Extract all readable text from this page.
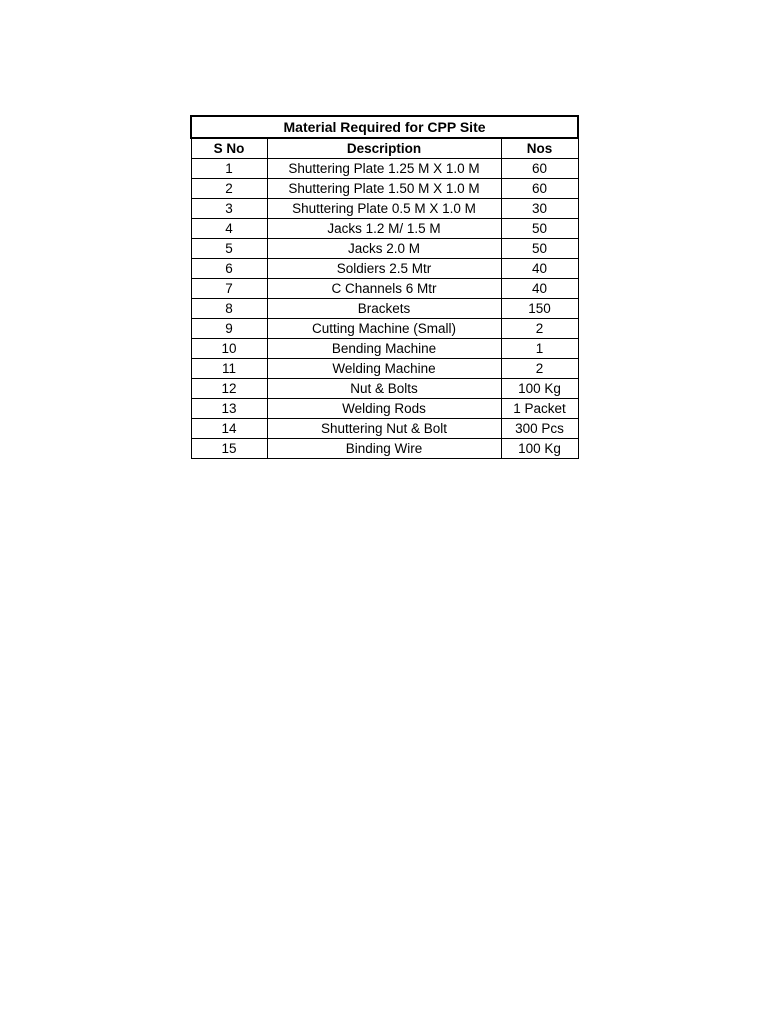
Material Required for CPP Site		
S No	Description	Nos
1	Shuttering Plate 1.25 M X 1.0 M	60
2	Shuttering Plate 1.50 M X 1.0 M	60
3	Shuttering Plate 0.5 M X 1.0 M	30
4	Jacks 1.2 M/ 1.5 M	50
5	Jacks 2.0 M	50
6	Soldiers 2.5 Mtr	40
7	C Channels 6 Mtr	40
8	Brackets	150
9	Cutting Machine (Small)	2
10	Bending Machine	1
11	Welding Machine	2
12	Nut & Bolts	100 Kg
13	Welding Rods	1 Packet
14	Shuttering Nut & Bolt	300 Pcs
15	Binding Wire	100 Kg
